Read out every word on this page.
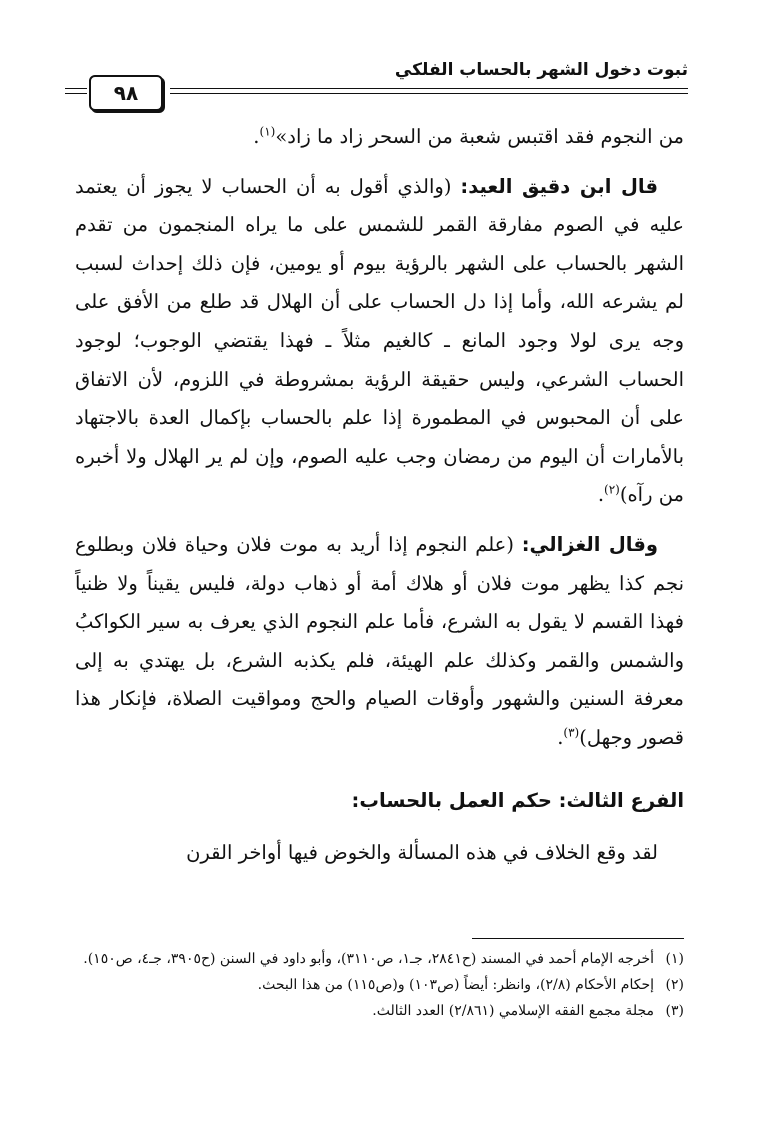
ثبوت دخول الشهر بالحساب الفلكي
٩٨

من النجوم فقد اقتبس شعبة من السحر زاد ما زاد»$^{(١)}$.

قال ابن دقيق العيد: (والذي أقول به أن الحساب لا يجوز أن يعتمد عليه في الصوم مفارقة القمر للشمس على ما يراه المنجمون من تقدم الشهر بالحساب على الشهر بالرؤية بيوم أو يومين، فإن ذلك إحداث لسبب لم يشرعه الله، وأما إذا دل الحساب على أن الهلال قد طلع من الأفق على وجه يرى لولا وجود المانع ـ كالغيم مثلاً ـ فهذا يقتضي الوجوب؛ لوجود الحساب الشرعي، وليس حقيقة الرؤية بمشروطة في اللزوم، لأن الاتفاق على أن المحبوس في المطمورة إذا علم بالحساب بإكمال العدة بالاجتهاد بالأمارات أن اليوم من رمضان وجب عليه الصوم، وإن لم ير الهلال ولا أخبره من رآه)$^{(٢)}$.

وقال الغزالي: (علم النجوم إذا أريد به موت فلان وحياة فلان وبطلوع نجم كذا يظهر موت فلان أو هلاك أمة أو ذهاب دولة، فليس يقيناً ولا ظنياً فهذا القسم لا يقول به الشرع، فأما علم النجوم الذي يعرف به سير الكواكبُ والشمس والقمر وكذلك علم الهيئة، فلم يكذبه الشرع، بل يهتدي به إلى معرفة السنين والشهور وأوقات الصيام والحج ومواقيت الصلاة، فإنكار هذا قصور وجهل)$^{(٣)}$.

الفرع الثالث: حكم العمل بالحساب:

لقد وقع الخلاف في هذه المسألة والخوض فيها أواخر القرن

(١)
أخرجه الإمام أحمد في المسند (ح٢٨٤١، جـ١، ص٣١١٠)، وأبو داود في السنن (ح٣٩٠٥، جـ٤، ص١٥٠).
(٢)
إحكام الأحكام (٢/٨)، وانظر: أيضاً (ص١٠٣) و(ص١١٥) من هذا البحث.
(٣)
مجلة مجمع الفقه الإسلامي (٢/٨٦١) العدد الثالث.
